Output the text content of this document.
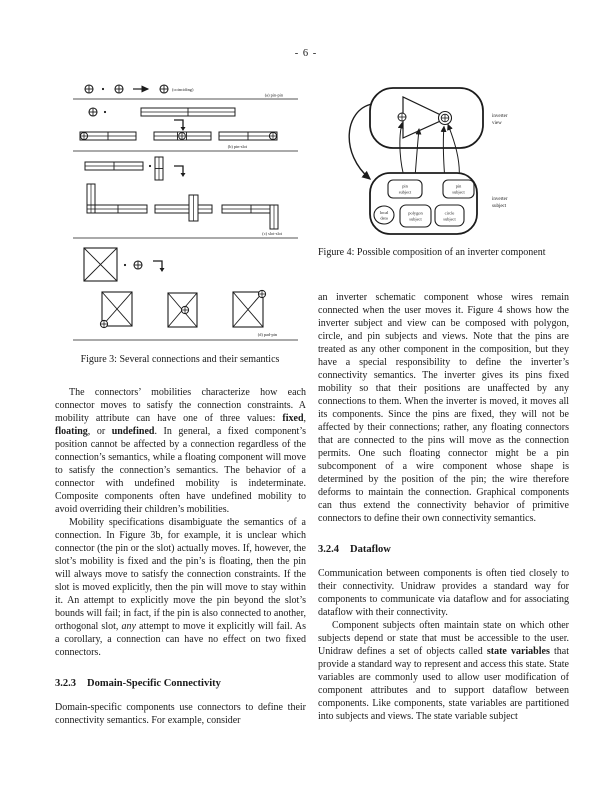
- 6 -
(coinciding)
(a) pin-pin
(b) pin-slot
(c) slot-slot
(d) pad-pin
Figure 3: Several connections and their semantics
inverter
view
inverter
subject
pin
subject
pin
subject
local
data
polygon
subject
circle
subject
Figure 4: Possible composition of an inverter component

The connectors’ mobilities characterize how each connector moves to satisfy the connection constraints. A mobility attribute can have one of three values: fixed, floating, or undefined. In general, a fixed component’s position cannot be affected by a connection regardless of the connection’s semantics, while a floating component will move to satisfy the connection’s semantics. The behavior of a connector with undefined mobility is indeterminate. Composite components often have undefined mobility to avoid overriding their children’s mobilities.

Mobility specifications disambiguate the semantics of a connection. In Figure 3b, for example, it is unclear which connector (the pin or the slot) actually moves. If, however, the slot’s mobility is fixed and the pin’s is floating, then the pin will always move to satisfy the connection constraints. If the slot is moved explicitly, then the pin will move to stay within it. An attempt to explicitly move the pin beyond the slot’s bounds will fail; in fact, if the pin is also connected to another, orthogonal slot, any attempt to move it explicitly will fail. As a corollary, a connection can have no effect on two fixed connectors.

3.2.3 Domain-Specific Connectivity

Domain-specific components use connectors to define their connectivity semantics. For example, consider

an inverter schematic component whose wires remain connected when the user moves it. Figure 4 shows how the inverter subject and view can be composed with polygon, circle, and pin subjects and views. Note that the pins are treated as any other component in the composition, but they have a special responsibility to define the inverter’s connectivity semantics. The inverter gives its pins fixed mobility so that their positions are unaffected by any connections to them. When the inverter is moved, it moves all its components. Since the pins are fixed, they will not be affected by their connections; rather, any floating connectors that are connected to the pins will move as the connection permits. One such floating connector might be a pin subcomponent of a wire component whose shape is determined by the position of the pin; the wire therefore deforms to maintain the connection. Graphical components can thus extend the connectivity behavior of primitive connectors to define their own connectivity semantics.

3.2.4 Dataflow

Communication between components is often tied closely to their connectivity. Unidraw provides a standard way for components to communicate via dataflow and for associating dataflow with their connectivity.

Component subjects often maintain state on which other subjects depend or state that must be accessible to the user. Unidraw defines a set of objects called state variables that provide a standard way to represent and access this state. State variables are commonly used to allow user modification of component attributes and to support dataflow between components. Like components, state variables are partitioned into subjects and views. The state variable subject
